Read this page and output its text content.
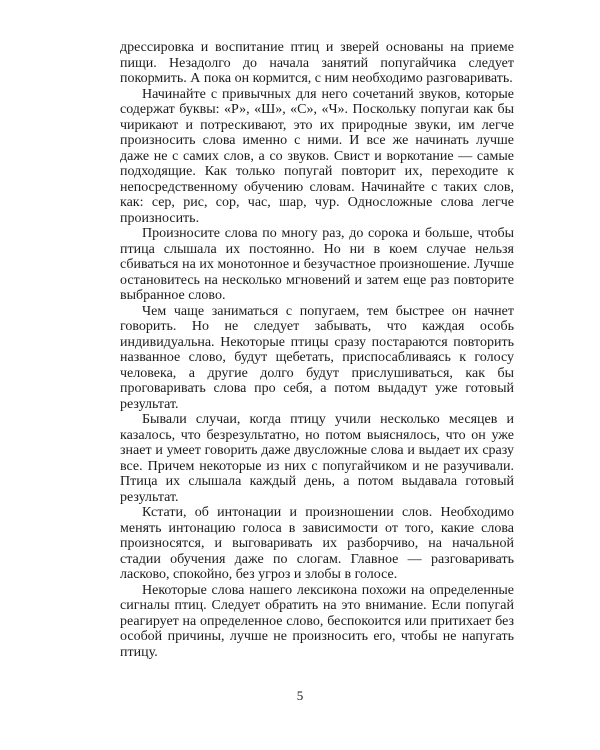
дрессировка и воспитание птиц и зверей основаны на приеме пищи. Незадолго до начала занятий попугайчика следует покормить. А пока он кормится, с ним необходимо разговаривать.

Начинайте с привычных для него сочетаний звуков, которые содержат буквы: «Р», «Ш», «С», «Ч». Поскольку попугаи как бы чирикают и потрескивают, это их природные звуки, им легче произносить слова именно с ними. И все же начинать лучше даже не с самих слов, а со звуков. Свист и воркотание — самые подходящие. Как только попугай повторит их, переходите к непосредственному обучению словам. Начинайте с таких слов, как: сер, рис, сор, час, шар, чур. Односложные слова легче произносить.

Произносите слова по многу раз, до сорока и больше, чтобы птица слышала их постоянно. Но ни в коем случае нельзя сбиваться на их монотонное и безучастное произношение. Лучше остановитесь на несколько мгновений и затем еще раз повторите выбранное слово.

Чем чаще заниматься с попугаем, тем быстрее он начнет говорить. Но не следует забывать, что каждая особь индивидуальна. Некоторые птицы сразу постараются повторить названное слово, будут щебетать, приспосабливаясь к голосу человека, а другие долго будут прислушиваться, как бы проговаривать слова про себя, а потом выдадут уже готовый результат.

Бывали случаи, когда птицу учили несколько месяцев и казалось, что безрезультатно, но потом выяснялось, что он уже знает и умеет говорить даже двусложные слова и выдает их сразу все. Причем некоторые из них с попугайчиком и не разучивали. Птица их слышала каждый день, а потом выдавала готовый результат.

Кстати, об интонации и произношении слов. Необходимо менять интонацию голоса в зависимости от того, какие слова произносятся, и выговаривать их разборчиво, на начальной стадии обучения даже по слогам. Главное — разговаривать ласково, спокойно, без угроз и злобы в голосе.

Некоторые слова нашего лексикона похожи на определенные сигналы птиц. Следует обратить на это внимание. Если попугай реагирует на определенное слово, беспокоится или притихает без особой причины, лучше не произносить его, чтобы не напугать птицу.

5
